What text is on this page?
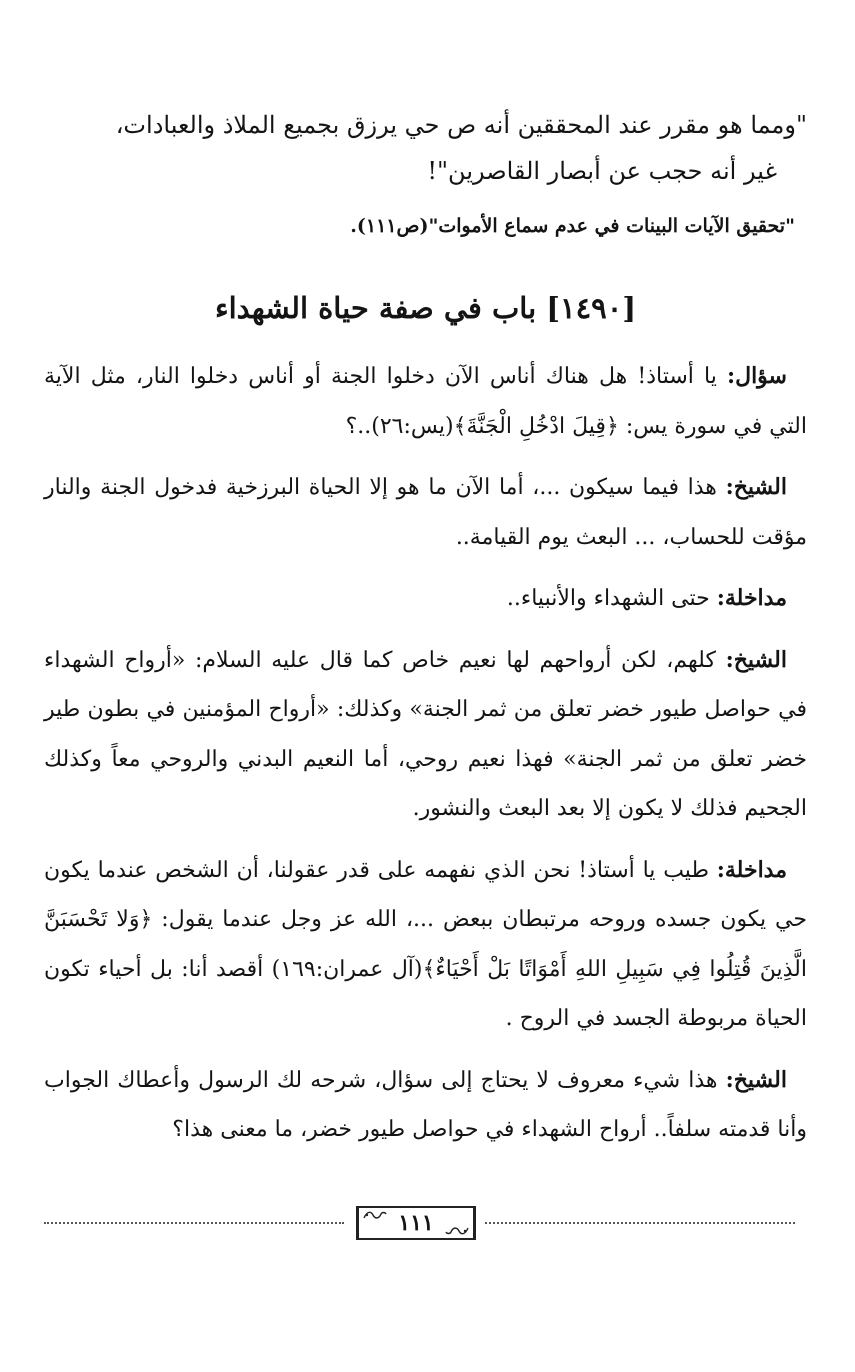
"ومما هو مقرر عند المحققين أنه ص حي يرزق بجميع الملاذ والعبادات،
غير أنه حجب عن أبصار القاصرين"!
"تحقيق الآيات البينات في عدم سماع الأموات"(ص١١١).
[١٤٩٠] باب في صفة حياة الشهداء

سؤال: يا أستاذ! هل هناك أناس الآن دخلوا الجنة أو أناس دخلوا النار، مثل الآية التي في سورة يس: ﴿قِيلَ ادْخُلِ الْجَنَّةَ﴾(يس:٢٦)..؟

الشيخ: هذا فيما سيكون ...، أما الآن ما هو إلا الحياة البرزخية فدخول الجنة والنار مؤقت للحساب، ... البعث يوم القيامة..

مداخلة: حتى الشهداء والأنبياء..

الشيخ: كلهم، لكن أرواحهم لها نعيم خاص كما قال عليه السلام: «أرواح الشهداء في حواصل طيور خضر تعلق من ثمر الجنة» وكذلك: «أرواح المؤمنين في بطون طير خضر تعلق من ثمر الجنة» فهذا نعيم روحي، أما النعيم البدني والروحي معاً وكذلك الجحيم فذلك لا يكون إلا بعد البعث والنشور.

مداخلة: طيب يا أستاذ! نحن الذي نفهمه على قدر عقولنا، أن الشخص عندما يكون حي يكون جسده وروحه مرتبطان ببعض ...، الله عز وجل عندما يقول: ﴿وَلا تَحْسَبَنَّ الَّذِينَ قُتِلُوا فِي سَبِيلِ اللهِ أَمْوَاتًا بَلْ أَحْيَاءٌ﴾(آل عمران:١٦٩) أقصد أنا: بل أحياء تكون الحياة مربوطة الجسد في الروح .

الشيخ: هذا شيء معروف لا يحتاج إلى سؤال، شرحه لك الرسول وأعطاك الجواب وأنا قدمته سلفاً.. أرواح الشهداء في حواصل طيور خضر، ما معنى هذا؟

١١١
